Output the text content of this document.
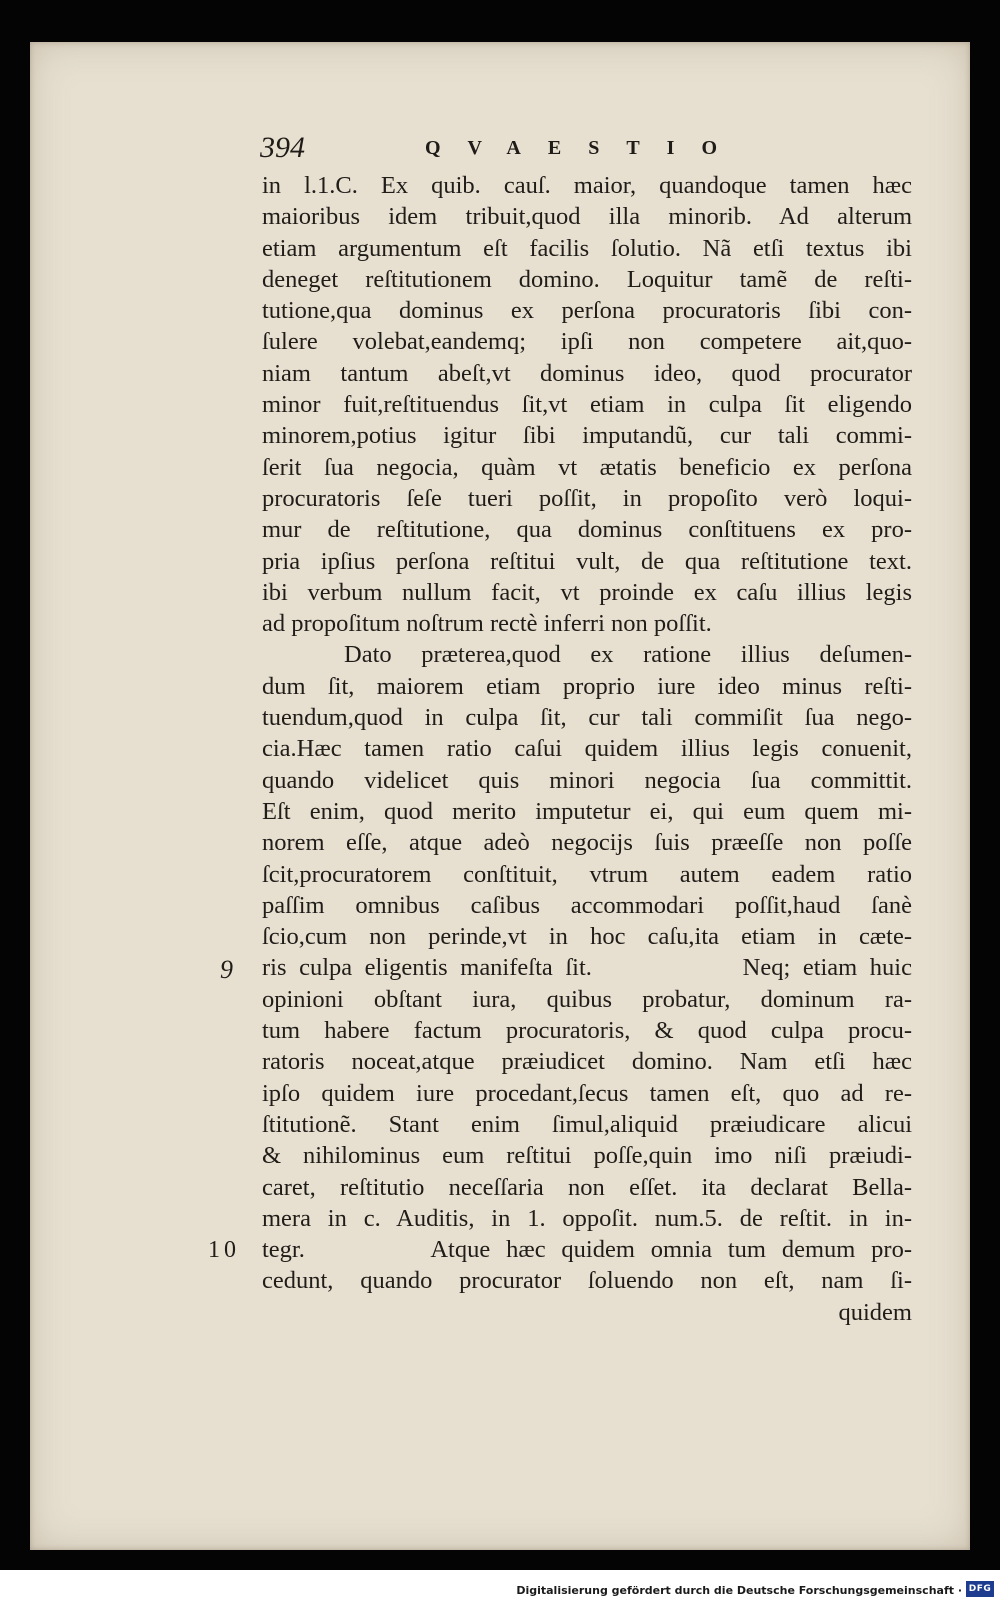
394	QVAESTIO
9
10
in l.1.C. Ex quib. cauſ. maior, quandoque tamen hæc
maioribus idem tribuit,quod illa minorib. Ad alterum
etiam argumentum eſt facilis ſolutio. Nã etſi textus ibi
deneget reſtitutionem domino. Loquitur tamẽ de reſti-
tutione,qua dominus ex perſona procuratoris ſibi con-
ſulere volebat,eandemq; ipſi non competere ait,quo-
niam tantum abeſt,vt dominus ideo, quod procurator
minor fuit,reſtituendus ſit,vt etiam in culpa ſit eligendo
minorem,potius igitur ſibi imputandũ, cur tali commi-
ſerit ſua negocia, quàm vt ætatis beneficio ex perſona
procuratoris ſeſe tueri poſſit, in propoſito verò loqui-
mur de reſtitutione, qua dominus conſtituens ex pro-
pria ipſius perſona reſtitui vult, de qua reſtitutione text.
ibi verbum nullum facit, vt proinde ex caſu illius legis
ad propoſitum noſtrum rectè inferri non poſſit.
Dato præterea,quod ex ratione illius deſumen-
dum ſit, maiorem etiam proprio iure ideo minus reſti-
tuendum,quod in culpa ſit, cur tali commiſit ſua nego-
cia.Hæc tamen ratio caſui quidem illius legis conuenit,
quando videlicet quis minori negocia ſua committit.
Eſt enim, quod merito imputetur ei, qui eum quem mi-
norem eſſe, atque adeò negocijs ſuis præeſſe non poſſe
ſcit,procuratorem conſtituit, vtrum autem eadem ratio
paſſim omnibus caſibus accommodari poſſit,haud ſanè
ſcio,cum non perinde,vt in hoc caſu,ita etiam in cæte-
ris culpa eligentis manifeſta ſit.            Neq; etiam huic
opinioni obſtant iura, quibus probatur, dominum ra-
tum habere factum procuratoris, & quod culpa procu-
ratoris noceat,atque præiudicet domino. Nam etſi hæc
ipſo quidem iure procedant,ſecus tamen eſt, quo ad re-
ſtitutionẽ. Stant enim ſimul,aliquid præiudicare alicui
& nihilominus eum reſtitui poſſe,quin imo niſi præiudi-
caret, reſtitutio neceſſaria non eſſet. ita declarat Bella-
mera in c. Auditis, in 1. oppoſit. num.5. de reſtit. in in-
tegr.        Atque hæc quidem omnia tum demum pro-
cedunt, quando procurator ſoluendo non eſt, nam ſi-
quidem
Digitalisierung gefördert durch die Deutsche Forschungsgemeinschaft · DFG
